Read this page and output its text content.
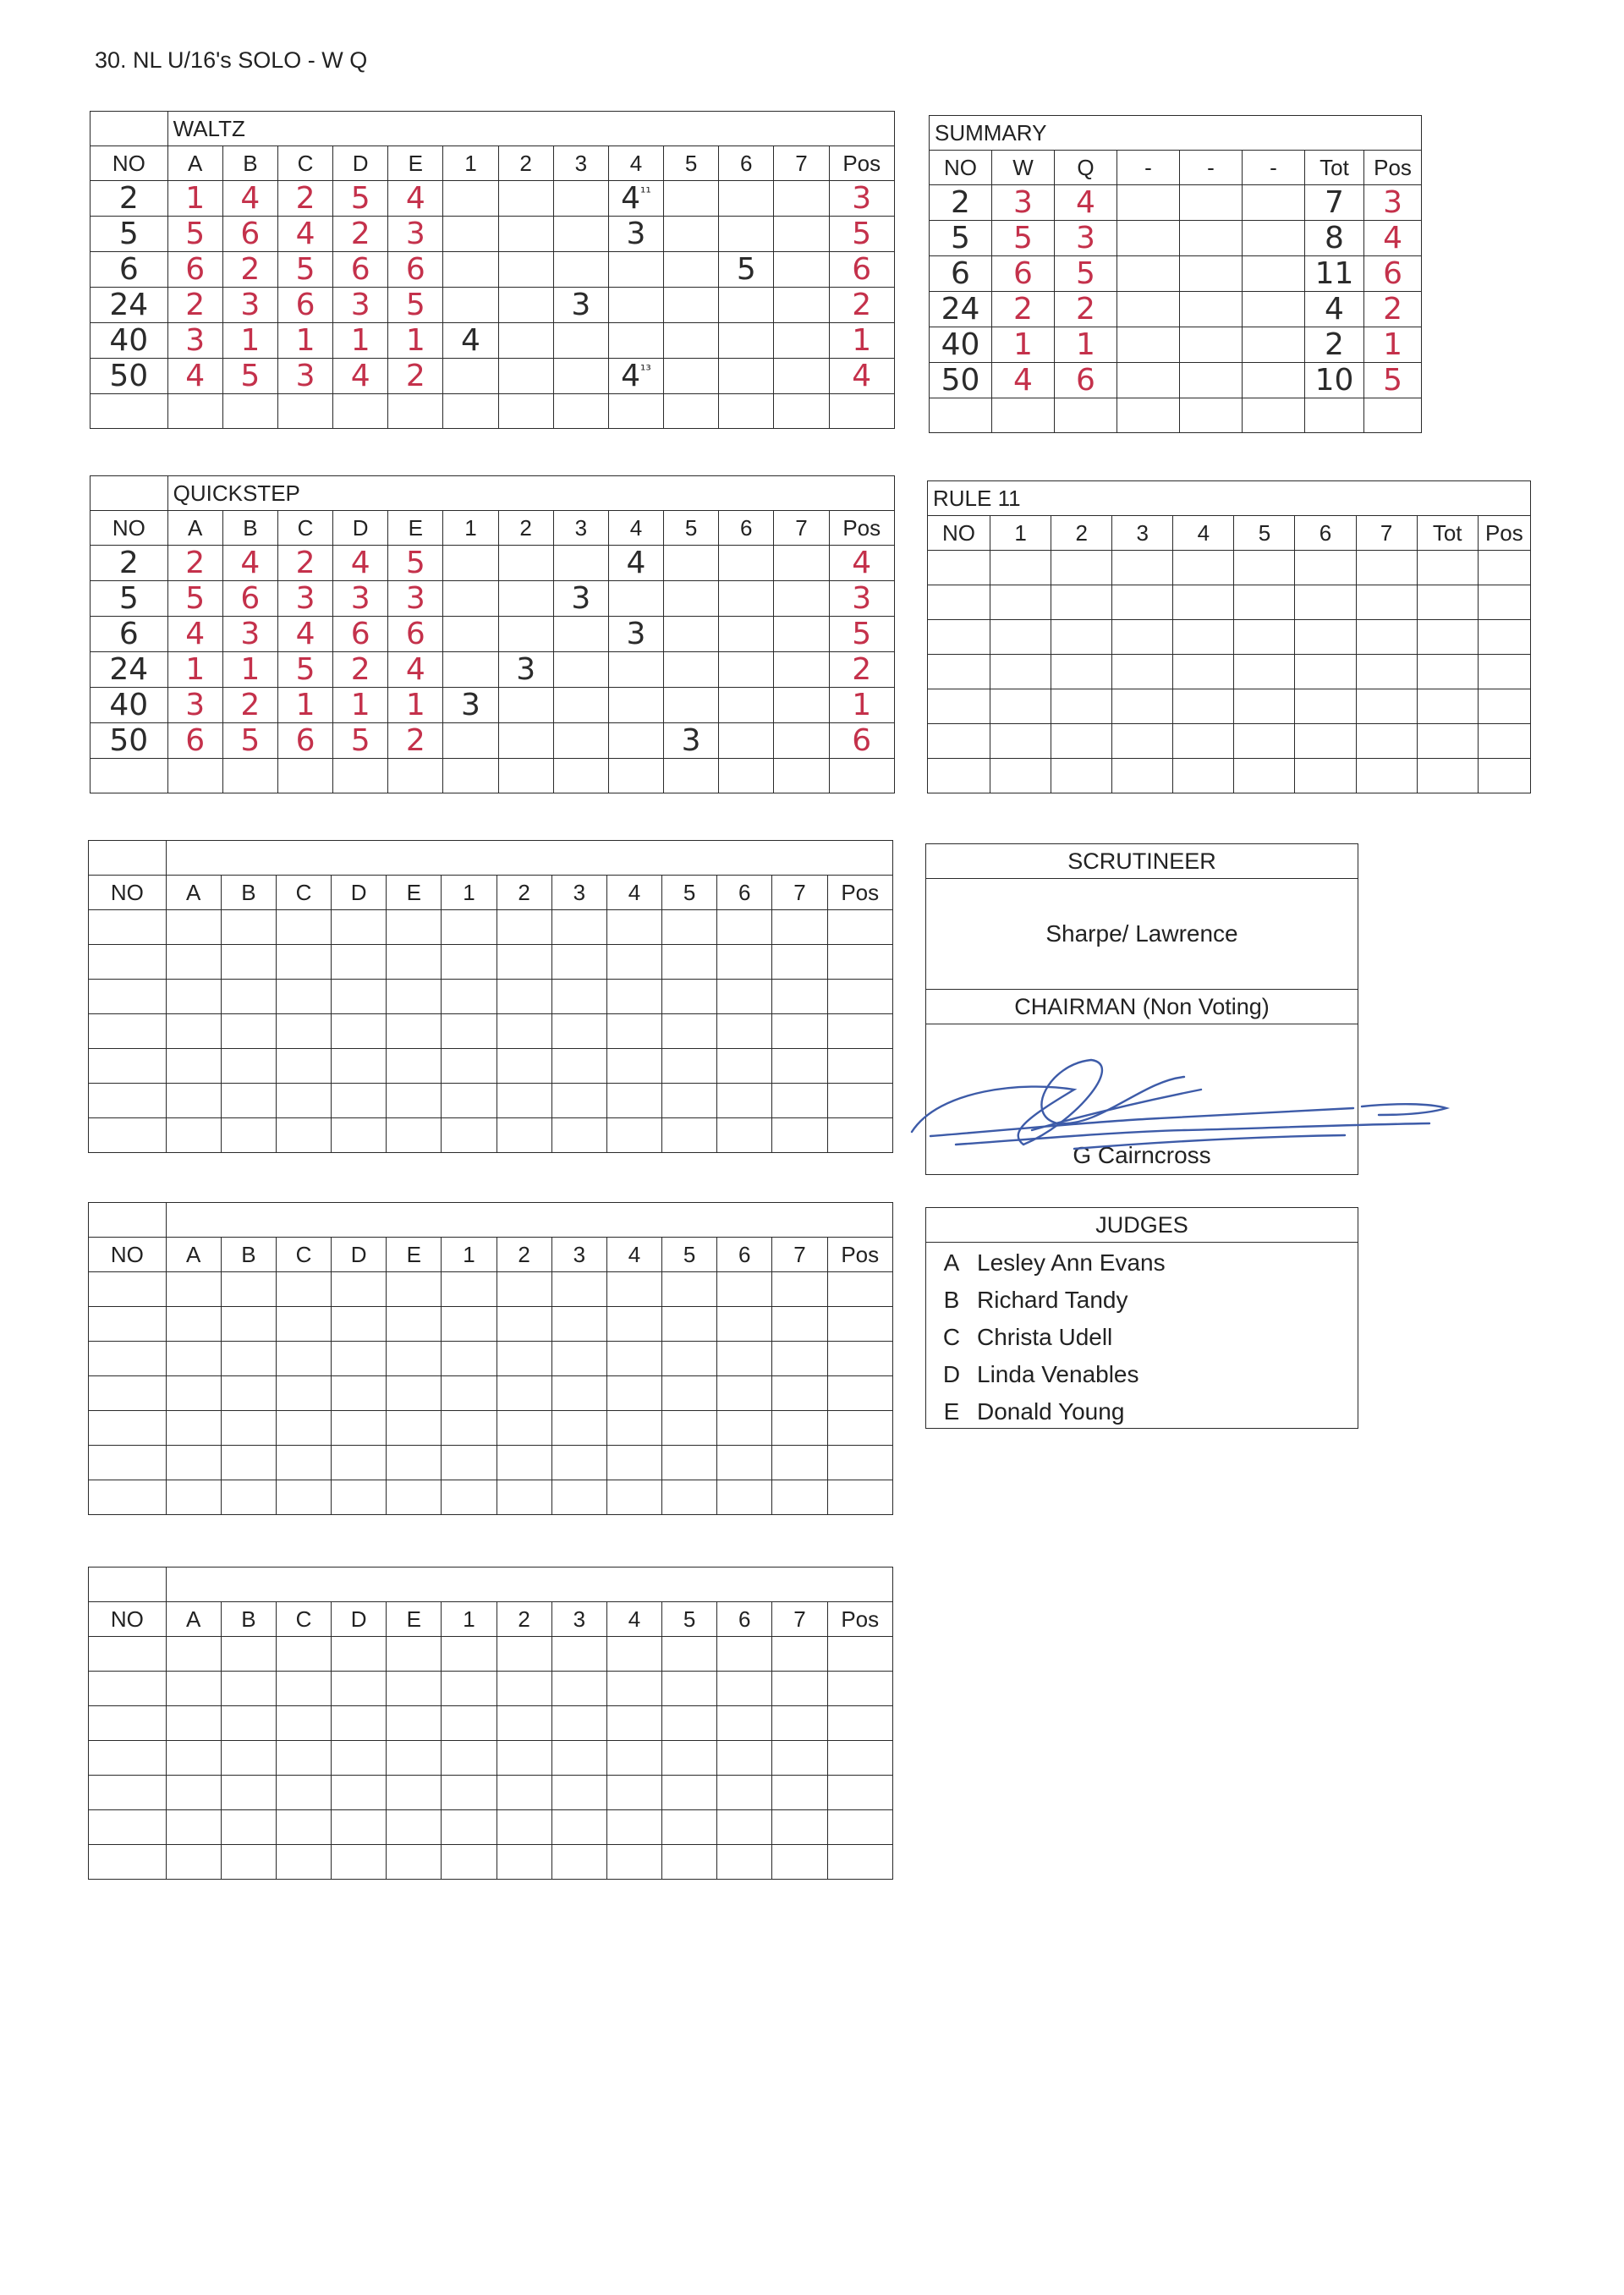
30. NL U/16's SOLO - W Q
	WALTZ												
NO	A	B	C	D	E	1	2	3	4	5	6	7	Pos
2	1	4	2	5	4				$4^{^{11}}$				3
5	5	6	4	2	3				3				5
6	6	2	5	6	6						5		6
24	2	3	6	3	5			3					2
40	3	1	1	1	1	4							1
50	4	5	3	4	2				$4^{^{13}}$				4

	QUICKSTEP												
NO	A	B	C	D	E	1	2	3	4	5	6	7	Pos
2	2	4	2	4	5				4				4
5	5	6	3	3	3			3					3
6	4	3	4	6	6				3				5
24	1	1	5	2	4		3						2
40	3	2	1	1	1	3							1
50	6	5	6	5	2					3			6

NO	A	B	C	D	E	1	2	3	4	5	6	7	Pos

NO	A	B	C	D	E	1	2	3	4	5	6	7	Pos

NO	A	B	C	D	E	1	2	3	4	5	6	7	Pos

SUMMARY							
NO	W	Q	-	-	-	Tot	Pos
2	3	4				7	3
5	5	3				8	4
6	6	5				11	6
24	2	2				4	2
40	1	1				2	1
50	4	6				10	5

RULE 11									
NO	1	2	3	4	5	6	7	Tot	Pos

SCRUTINEER
Sharpe/ Lawrence
CHAIRMAN (Non Voting)
G Cairncross
JUDGES
A Lesley Ann Evans
B Richard Tandy
C Christa Udell
D Linda Venables
E Donald Young
